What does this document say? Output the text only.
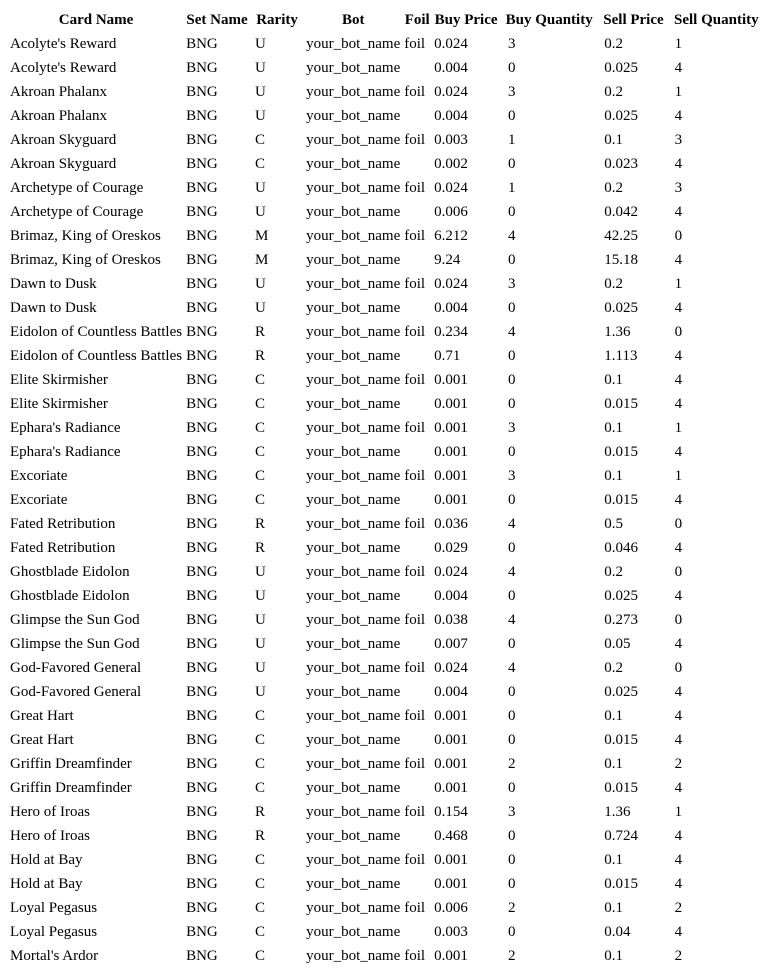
Card Name	Set Name	Rarity	Bot	Foil	Buy Price	Buy Quantity	Sell Price	Sell Quantity
Acolyte's Reward	BNG	U	your_bot_name	foil	0.024	3	0.2	1
Acolyte's Reward	BNG	U	your_bot_name		0.004	0	0.025	4
Akroan Phalanx	BNG	U	your_bot_name	foil	0.024	3	0.2	1
Akroan Phalanx	BNG	U	your_bot_name		0.004	0	0.025	4
Akroan Skyguard	BNG	C	your_bot_name	foil	0.003	1	0.1	3
Akroan Skyguard	BNG	C	your_bot_name		0.002	0	0.023	4
Archetype of Courage	BNG	U	your_bot_name	foil	0.024	1	0.2	3
Archetype of Courage	BNG	U	your_bot_name		0.006	0	0.042	4
Brimaz, King of Oreskos	BNG	M	your_bot_name	foil	6.212	4	42.25	0
Brimaz, King of Oreskos	BNG	M	your_bot_name		9.24	0	15.18	4
Dawn to Dusk	BNG	U	your_bot_name	foil	0.024	3	0.2	1
Dawn to Dusk	BNG	U	your_bot_name		0.004	0	0.025	4
Eidolon of Countless Battles	BNG	R	your_bot_name	foil	0.234	4	1.36	0
Eidolon of Countless Battles	BNG	R	your_bot_name		0.71	0	1.113	4
Elite Skirmisher	BNG	C	your_bot_name	foil	0.001	0	0.1	4
Elite Skirmisher	BNG	C	your_bot_name		0.001	0	0.015	4
Ephara's Radiance	BNG	C	your_bot_name	foil	0.001	3	0.1	1
Ephara's Radiance	BNG	C	your_bot_name		0.001	0	0.015	4
Excoriate	BNG	C	your_bot_name	foil	0.001	3	0.1	1
Excoriate	BNG	C	your_bot_name		0.001	0	0.015	4
Fated Retribution	BNG	R	your_bot_name	foil	0.036	4	0.5	0
Fated Retribution	BNG	R	your_bot_name		0.029	0	0.046	4
Ghostblade Eidolon	BNG	U	your_bot_name	foil	0.024	4	0.2	0
Ghostblade Eidolon	BNG	U	your_bot_name		0.004	0	0.025	4
Glimpse the Sun God	BNG	U	your_bot_name	foil	0.038	4	0.273	0
Glimpse the Sun God	BNG	U	your_bot_name		0.007	0	0.05	4
God-Favored General	BNG	U	your_bot_name	foil	0.024	4	0.2	0
God-Favored General	BNG	U	your_bot_name		0.004	0	0.025	4
Great Hart	BNG	C	your_bot_name	foil	0.001	0	0.1	4
Great Hart	BNG	C	your_bot_name		0.001	0	0.015	4
Griffin Dreamfinder	BNG	C	your_bot_name	foil	0.001	2	0.1	2
Griffin Dreamfinder	BNG	C	your_bot_name		0.001	0	0.015	4
Hero of Iroas	BNG	R	your_bot_name	foil	0.154	3	1.36	1
Hero of Iroas	BNG	R	your_bot_name		0.468	0	0.724	4
Hold at Bay	BNG	C	your_bot_name	foil	0.001	0	0.1	4
Hold at Bay	BNG	C	your_bot_name		0.001	0	0.015	4
Loyal Pegasus	BNG	C	your_bot_name	foil	0.006	2	0.1	2
Loyal Pegasus	BNG	C	your_bot_name		0.003	0	0.04	4
Mortal's Ardor	BNG	C	your_bot_name	foil	0.001	2	0.1	2
